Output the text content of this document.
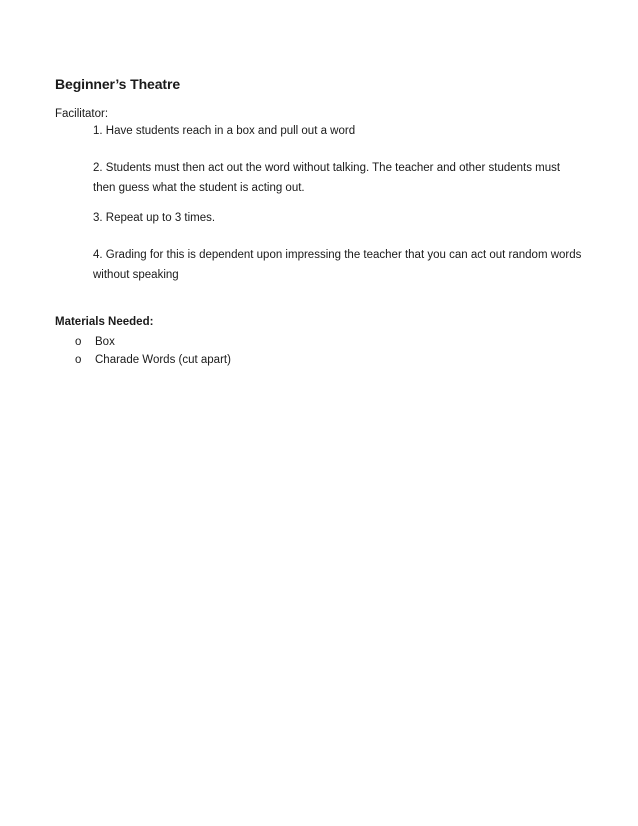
Beginner’s Theatre
Facilitator:
1. Have students reach in a box and pull out a word
2. Students must then act out the word without talking. The teacher and other students must then guess what the student is acting out.
3. Repeat up to 3 times.
4. Grading for this is dependent upon impressing the teacher that you can act out random words without speaking
Materials Needed:
o Box
o Charade Words (cut apart)
